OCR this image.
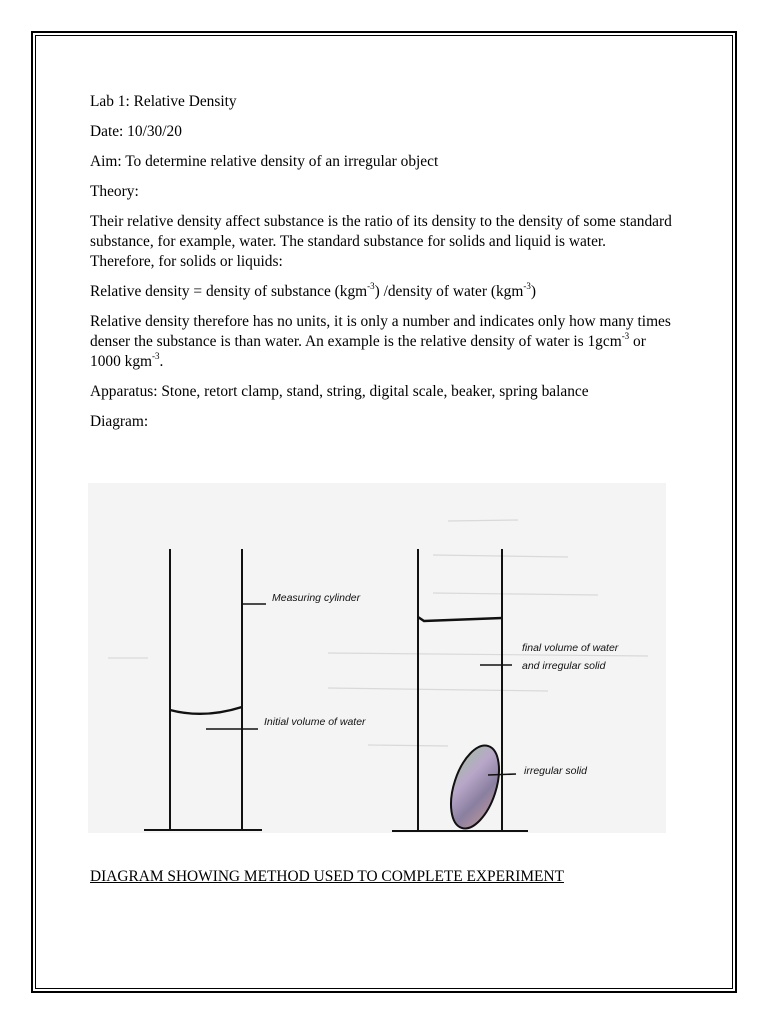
Lab 1: Relative Density

Date: 10/30/20

Aim: To determine relative density of an irregular object

Theory:

Their relative density affect substance is the ratio of its density to the density of some standard substance, for example, water. The standard substance for solids and liquid is water. Therefore, for solids or liquids:

Relative density = density of substance (kgm$^{-3}$) /density of water (kgm$^{-3}$)

Relative density therefore has no units, it is only a number and indicates only how many times denser the substance is than water. An example is the relative density of water is 1gcm$^{-3}$ or 1000 kgm$^{-3}$.

Apparatus: Stone, retort clamp, stand, string, digital scale, beaker, spring balance

Diagram:

Measuring cylinder
Initial volume of water
final volume of water
and irregular solid
irregular solid
DIAGRAM SHOWING METHOD USED TO COMPLETE EXPERIMENT
